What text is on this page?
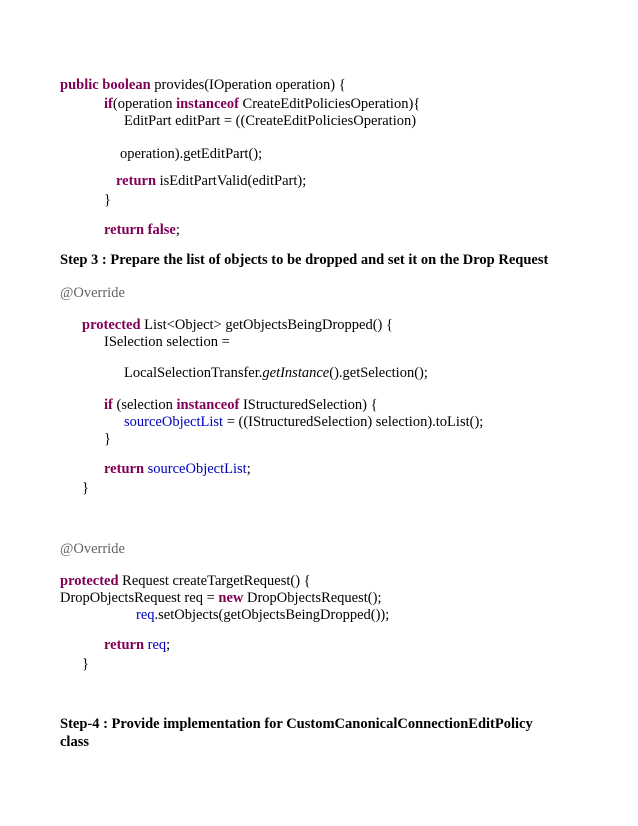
public boolean provides(IOperation operation) {
if(operation instanceof CreateEditPoliciesOperation){
EditPart editPart = ((CreateEditPoliciesOperation)
operation).getEditPart();
return isEditPartValid(editPart);
}
return false;
Step 3 : Prepare the list of objects to be dropped and set it on the Drop Request
@Override
protected List<Object> getObjectsBeingDropped() {
ISelection selection =
LocalSelectionTransfer.getInstance().getSelection();
if (selection instanceof IStructuredSelection) {
sourceObjectList = ((IStructuredSelection) selection).toList();
}
return sourceObjectList;
}
@Override
protected Request createTargetRequest() {
DropObjectsRequest req = new DropObjectsRequest();
req.setObjects(getObjectsBeingDropped());
return req;
}
Step-4 : Provide implementation for CustomCanonicalConnectionEditPolicy
class
